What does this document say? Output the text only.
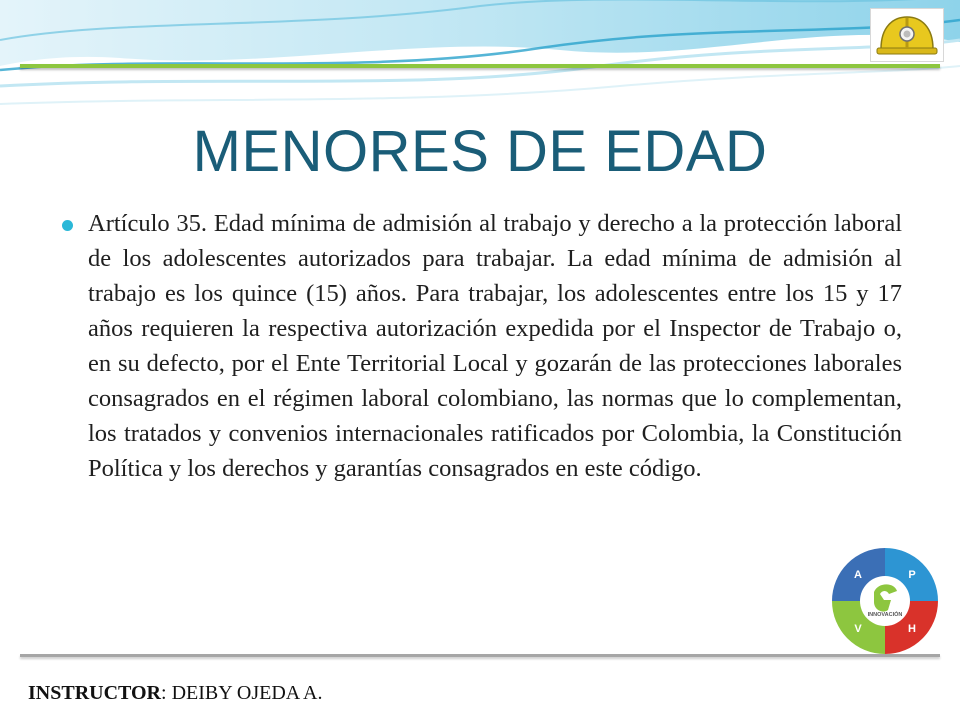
MENORES DE EDAD

Artículo 35. Edad mínima de admisión al trabajo y derecho a la protección laboral de los adolescentes autorizados para trabajar. La edad mínima de admisión al trabajo es los quince (15) años. Para trabajar, los adolescentes entre los 15 y 17 años requieren la respectiva autorización expedida por el Inspector de Trabajo o, en su defecto, por el Ente Territorial Local y gozarán de las protecciones laborales consagrados en el régimen laboral colombiano, las normas que lo complementan, los tratados y convenios internacionales ratificados por Colombia, la Constitución Política y los derechos y garantías consagrados en este código.

INNOVACIÓN
A	P
V	H

INSTRUCTOR: DEIBY OJEDA A.
